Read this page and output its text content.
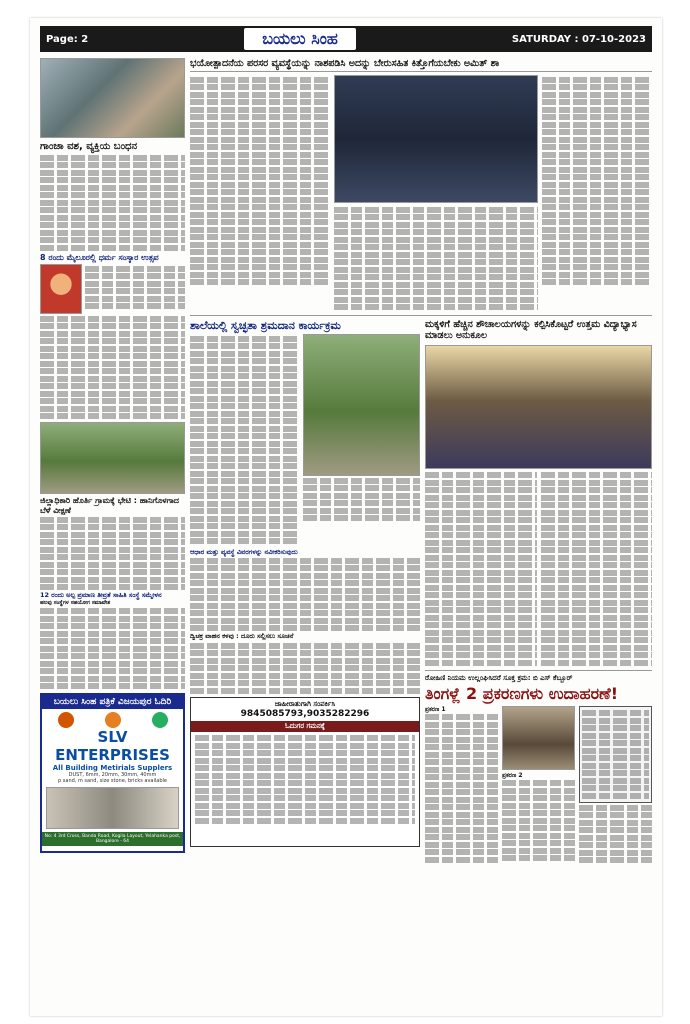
Page: 2	ಬಯಲು ಸಿಂಹ	SATURDAY : 07-10-2023
ಗಾಂಜಾ ವಶ, ವ್ಯಕ್ತಿಯ ಬಂಧನ
8 ರಂದು ಮೈಲೂರಲ್ಲಿ ಧರ್ಮ ಸಂಸ್ಕಾರ ಉತ್ಸವ
ಜಿಲ್ಲಾಧಿಕಾರಿ ಹೊರ್ತಿ ಗ್ರಾಮಕ್ಕೆ ಭೇಟಿ : ಹಾನಿಗೊಳಗಾದ ಬೆಳೆ ವೀಕ್ಷಣೆ
12 ರಂದು ಅಲ್ಪ ಪ್ರಮಾಣ ತೀವ್ರತೆ ಸಾಹಿತಿ ಸಂಸ್ಥೆ ಸಮ್ಮೇಳನ
ಹಲವು ಸಂಸ್ಥೆಗಳ ಸಹಯೋಗ ಸಮಾವೇಶ
ಬಯಲು ಸಿಂಹ ಪತ್ರಿಕೆ ವಿಜಯಪುರ ಓದಿರಿ
SLV ENTERPRISES
All Building Metirials Supplers
DUST, 6mm, 20mm, 30mm, 40mm
p sand, m sand, size stone, bricks available
No: 4 3rd Cross, Banda Road, Kogila Layout, Yelahanka post, Bangalore - 64
ಭಯೋತ್ಪಾದನೆಯ ಪರಸರ ವ್ಯವಸ್ಥೆಯನ್ನು ನಾಶಪಡಿಸಿ ಅದನ್ನು ಬೇರುಸಹಿತ ಕಿತ್ತೊಗೆಯಬೇಕು ಅಮಿತ್ ಶಾ
ಶಾಲೆಯಲ್ಲಿ ಸ್ವಚ್ಛತಾ ಶ್ರಮದಾನ ಕಾರ್ಯಕ್ರಮ
ಆಧಾರ ಮತ್ತು ವ್ಯವಸ್ಥೆ ವಿವರಗಳನ್ನು ನವೀಕರಿಸುವುದು
ದ್ವಿಚಕ್ರ ವಾಹನ ಕಳವು : ದೂರು ಸಲ್ಲಿಸಲು ಸೂಚನೆ
ಜಾಹೀರಾತುಗಾಗಿ ಸಂಪರ್ಕಿಸಿ
9845085793,9035282296
ಓದುಗರ ಗಮನಕ್ಕೆ
ಮಕ್ಕಳಿಗೆ ಹೆಚ್ಚಿನ ಶೌಚಾಲಯಗಳನ್ನು ಕಲ್ಪಿಸಿಕೊಟ್ಟರೆ ಉತ್ತಮ ವಿದ್ಯಾಭ್ಯಾಸ ಮಾಡಲು ಅನುಕೂಲ
ರೋಹಿಣಿ ನಿಯಮ ಉಲ್ಲಂಘಿಸಿದರೆ ಸೂಕ್ತ ಕ್ರಮ: ಬಿ ಎಸ್ ಕೆಬ್ಬೂರ್
ತಿಂಗಳ್ಲೆ 2 ಪ್ರಕರಣಗಳು ಉದಾಹರಣೆ!
ಪ್ರಕರಣ 1
ಪ್ರಕರಣ 2
